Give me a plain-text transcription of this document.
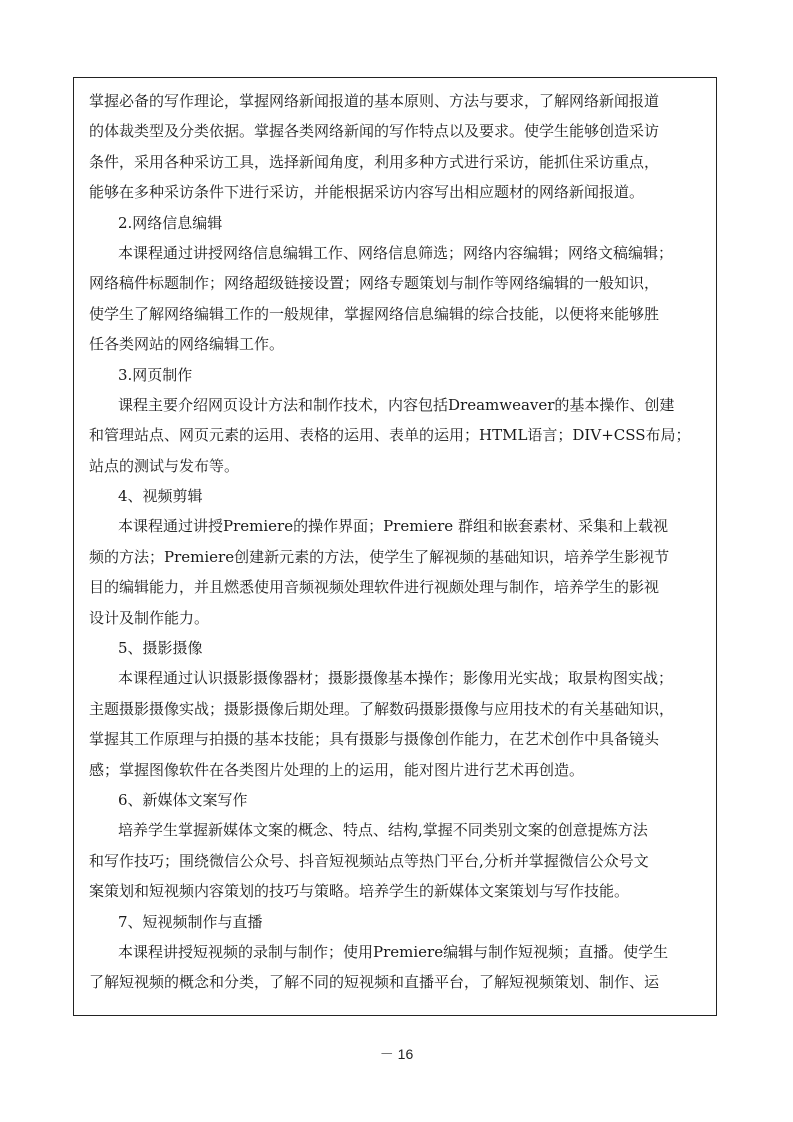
掌握必备的写作理论，掌握网络新闻报道的基本原则、方法与要求，了解网络新闻报道
的体裁类型及分类依据。掌握各类网络新闻的写作特点以及要求。使学生能够创造采访
条件，采用各种采访工具，选择新闻角度，利用多种方式进行采访，能抓住采访重点，
能够在多种采访条件下进行采访，并能根据采访内容写出相应题材的网络新闻报道。
2.网络信息编辑
本课程通过讲授网络信息编辑工作、网络信息筛选；网络内容编辑；网络文稿编辑；
网络稿件标题制作；网络超级链接设置；网络专题策划与制作等网络编辑的一般知识，
使学生了解网络编辑工作的一般规律，掌握网络信息编辑的综合技能，以便将来能够胜
任各类网站的网络编辑工作。
3.网页制作
课程主要介绍网页设计方法和制作技术，内容包括Dreamweaver的基本操作、创建
和管理站点、网页元素的运用、表格的运用、表单的运用；HTML语言；DIV+CSS布局；
站点的测试与发布等。
4、视频剪辑
本课程通过讲授Premiere的操作界面；Premiere 群组和嵌套素材、采集和上载视
频的方法；Premiere创建新元素的方法，使学生了解视频的基础知识，培养学生影视节
目的编辑能力，并且燃悉使用音频视频处理软件进行视颇处理与制作，培养学生的影视
设计及制作能力。
5、摄影摄像
本课程通过认识摄影摄像器材；摄影摄像基本操作；影像用光实战；取景构图实战；
主题摄影摄像实战；摄影摄像后期处理。了解数码摄影摄像与应用技术的有关基础知识，
掌握其工作原理与拍摄的基本技能；具有摄影与摄像创作能力，在艺术创作中具备镜头
感；掌握图像软件在各类图片处理的上的运用，能对图片进行艺术再创造。
6、新媒体文案写作
培养学生掌握新媒体文案的概念、特点、结构,掌握不同类别文案的创意提炼方法
和写作技巧；围绕微信公众号、抖音短视频站点等热门平台,分析并掌握微信公众号文
案策划和短视频内容策划的技巧与策略。培养学生的新媒体文案策划与写作技能。
7、短视频制作与直播
本课程讲授短视频的录制与制作；使用Premiere编辑与制作短视频；直播。使学生
了解短视频的概念和分类，了解不同的短视频和直播平台，了解短视频策划、制作、运
－ 16
